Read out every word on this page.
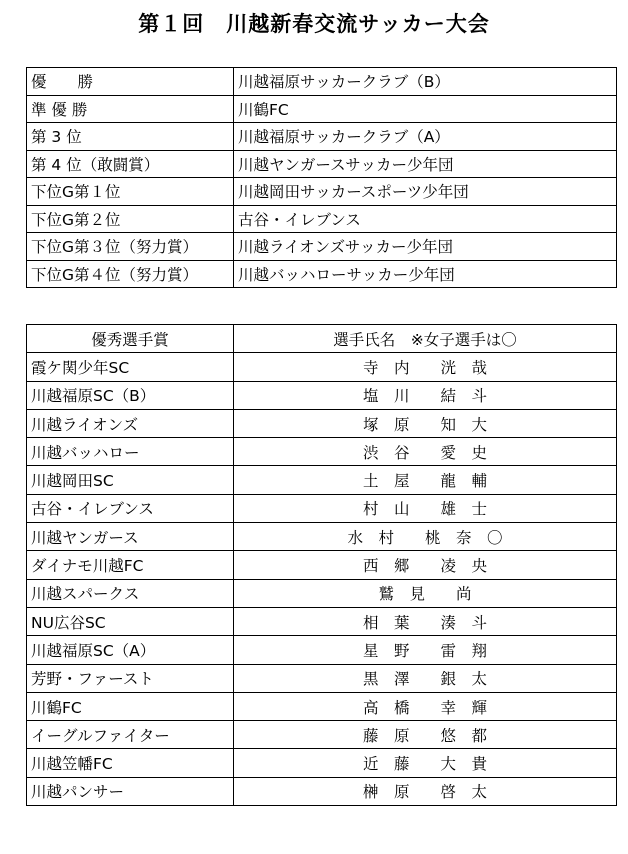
第１回　川越新春交流サッカー大会
優　　勝	川越福原サッカークラブ（B）
準 優 勝	川鶴FC
第 3 位	川越福原サッカークラブ（A）
第 4 位（敢闘賞）	川越ヤンガースサッカー少年団
下位G第１位	川越岡田サッカースポーツ少年団
下位G第２位	古谷・イレブンス
下位G第３位（努力賞）	川越ライオンズサッカー少年団
下位G第４位（努力賞）	川越バッハローサッカー少年団
優秀選手賞	選手氏名　※女子選手は〇
霞ケ関少年SC	寺　内　　洸　哉
川越福原SC（B）	塩　川　　結　斗
川越ライオンズ	塚　原　　知　大
川越バッハロー	渋　谷　　愛　史
川越岡田SC	土　屋　　龍　輔
古谷・イレブンス	村　山　　雄　士
川越ヤンガース	水　村　　桃　奈　〇
ダイナモ川越FC	西　郷　　凌　央
川越スパークス	鷲　見　　尚
NU広谷SC	相　葉　　湊　斗
川越福原SC（A）	星　野　　雷　翔
芳野・ファースト	黒　澤　　銀　太
川鶴FC	高　橋　　幸　輝
イーグルファイター	藤　原　　悠　都
川越笠幡FC	近　藤　　大　貴
川越パンサー	榊　原　　啓　太
